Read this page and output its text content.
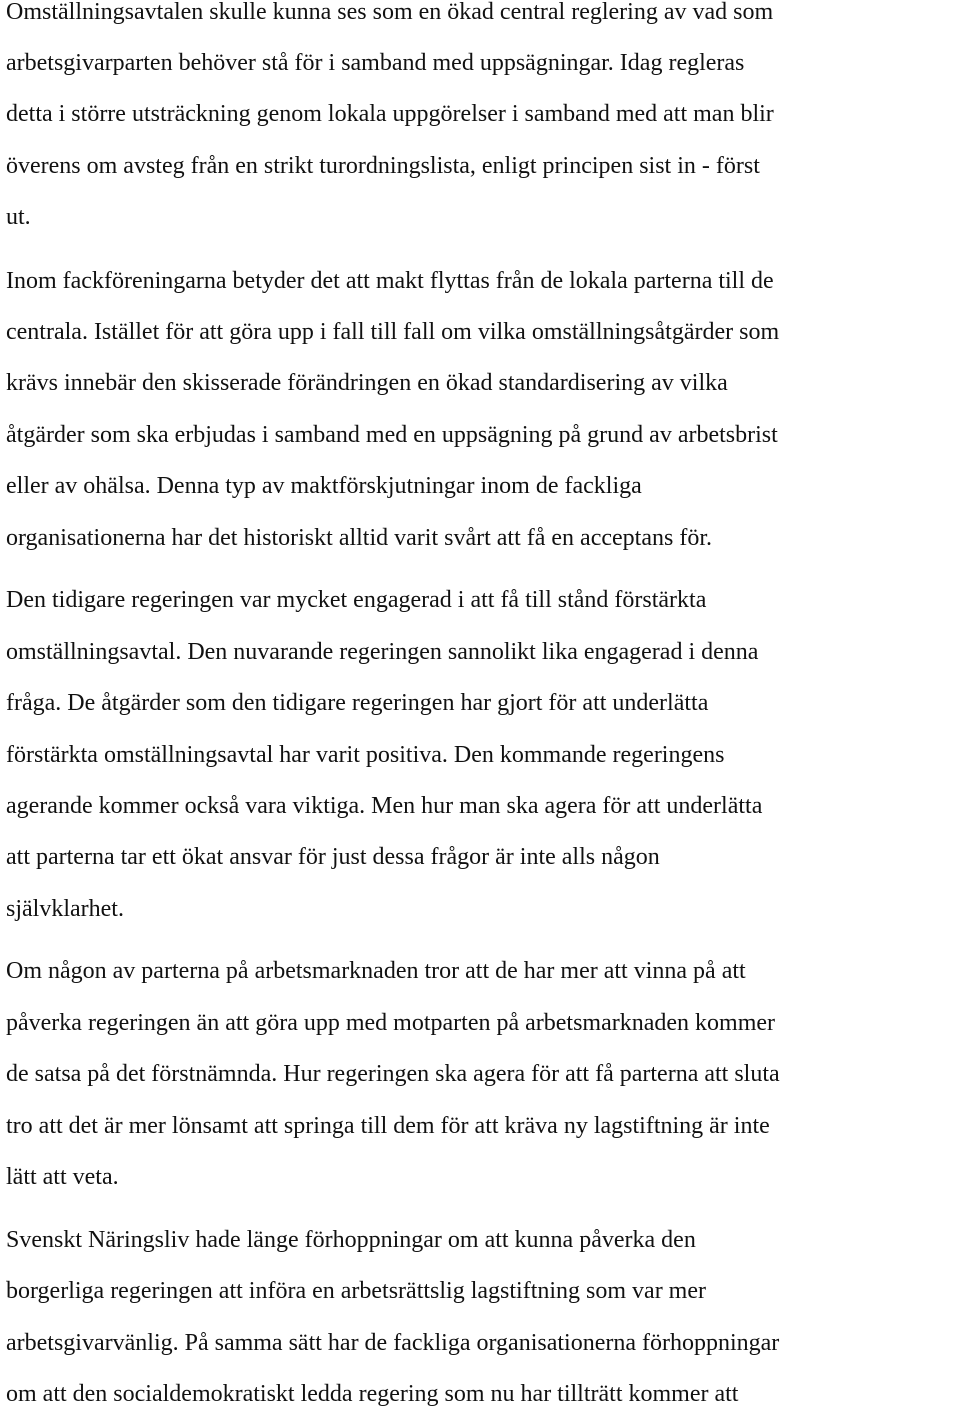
Omställningsavtalen skulle kunna ses som en ökad central reglering av vad som

arbetsgivarparten behöver stå för i samband med uppsägningar. Idag regleras

detta i större utsträckning genom lokala uppgörelser i samband med att man blir

överens om avsteg från en strikt turordningslista, enligt principen sist in - först

ut.

Inom fackföreningarna betyder det att makt flyttas från de lokala parterna till de

centrala. Istället för att göra upp i fall till fall om vilka omställningsåtgärder som

krävs innebär den skisserade förändringen en ökad standardisering av vilka

åtgärder som ska erbjudas i samband med en uppsägning på grund av arbetsbrist

eller av ohälsa. Denna typ av maktförskjutningar inom de fackliga

organisationerna har det historiskt alltid varit svårt att få en acceptans för.

Den tidigare regeringen var mycket engagerad i att få till stånd förstärkta

omställningsavtal. Den nuvarande regeringen sannolikt lika engagerad i denna

fråga. De åtgärder som den tidigare regeringen har gjort för att underlätta

förstärkta omställningsavtal har varit positiva. Den kommande regeringens

agerande kommer också vara viktiga. Men hur man ska agera för att underlätta

att parterna tar ett ökat ansvar för just dessa frågor är inte alls någon

självklarhet.

Om någon av parterna på arbetsmarknaden tror att de har mer att vinna på att

påverka regeringen än att göra upp med motparten på arbetsmarknaden kommer

de satsa på det förstnämnda. Hur regeringen ska agera för att få parterna att sluta

tro att det är mer lönsamt att springa till dem för att kräva ny lagstiftning är inte

lätt att veta.

Svenskt Näringsliv hade länge förhoppningar om att kunna påverka den

borgerliga regeringen att införa en arbetsrättslig lagstiftning som var mer

arbetsgivarvänlig. På samma sätt har de fackliga organisationerna förhoppningar

om att den socialdemokratiskt ledda regering som nu har tillträtt kommer att
